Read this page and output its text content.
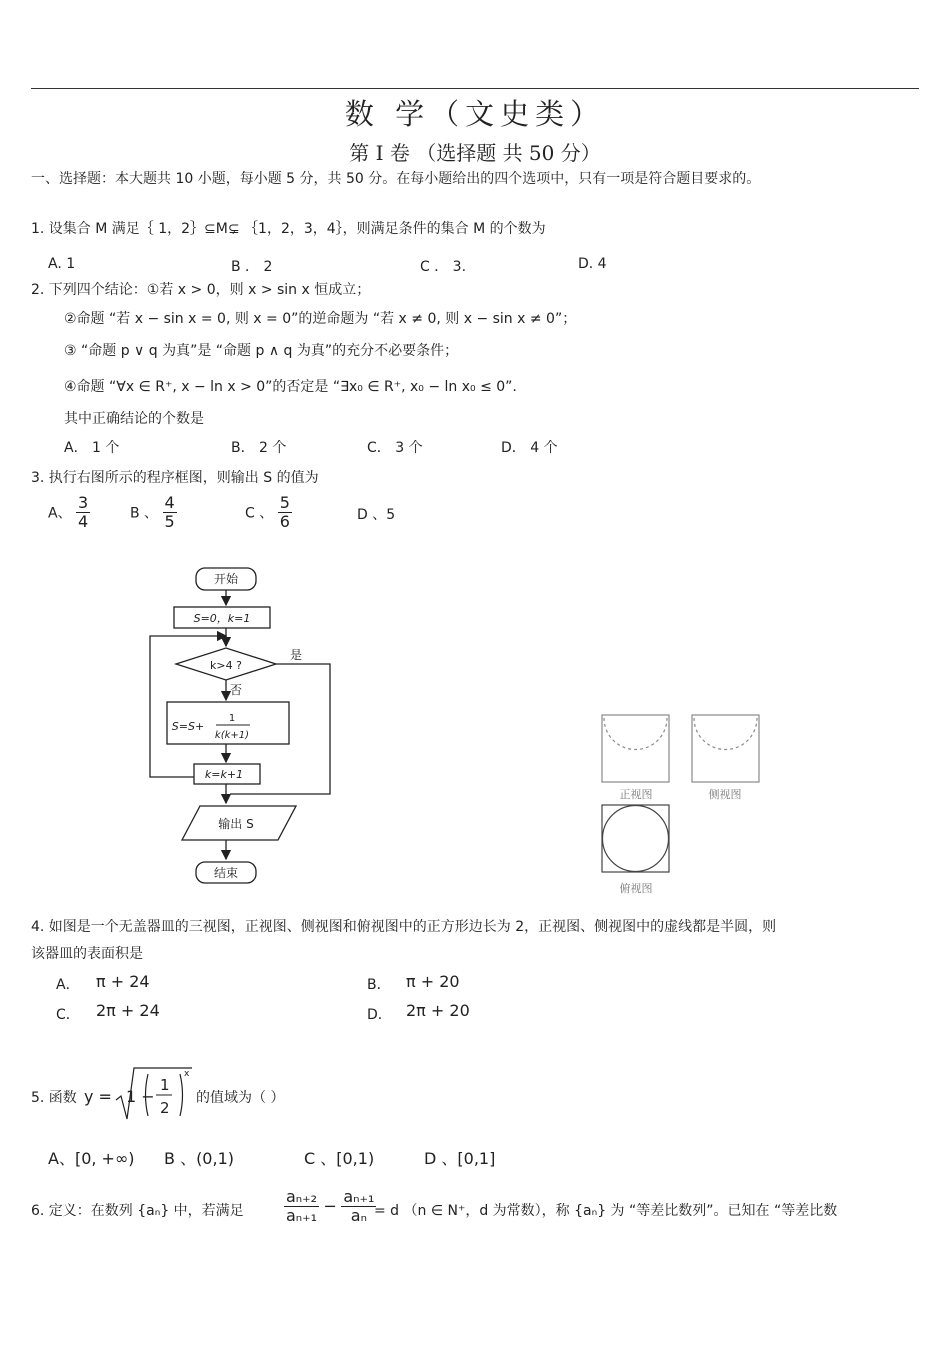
数 学（文史类）
第 I 卷 （选择题 共 50 分）
一、选择题：本大题共 10 小题，每小题 5 分，共 50 分。在每小题给出的四个选项中，只有一项是符合题目要求的。
1. 设集合 M 满足｛ 1，2｝⊆M⊊ ｛1，2，3，4｝，则满足条件的集合 M 的个数为
A. 1	B ． 2	C ． 3.	D. 4
2. 下列四个结论：①若 x > 0，则 x > sin x 恒成立；
②命题 “若 x − sin x = 0, 则 x = 0”的逆命题为 “若 x ≠ 0, 则 x − sin x ≠ 0”；
③ “命题 p ∨ q 为真”是 “命题 p ∧ q 为真”的充分不必要条件；
④命题 “∀x ∈ R⁺, x − ln x > 0”的否定是 “∃x₀ ∈ R⁺, x₀ − ln x₀ ≤ 0”.
其中正确结论的个数是
A． 1 个	B． 2 个	C． 3 个	D． 4 个
3. 执行右图所示的程序框图，则输出 S 的值为
A、 $\frac{3}{4}$	B 、 $\frac{4}{5}$	C 、 $\frac{5}{6}$	D 、5
开始
S=0，k=1
k>4 ?
是
否
S=S+
1
k(k+1)
k=k+1
输出 S
结束
正视图	侧视图
俯视图
4. 如图是一个无盖器皿的三视图，正视图、侧视图和俯视图中的正方形边长为 2，正视图、侧视图中的虚线都是半圆，则
该器皿的表面积是
A． π + 24	B． π + 20
C． 2π + 24	D． 2π + 20
5. 函数 y = 1 −
1
2
x
的值域为（ ）
A、[0, +∞) B 、(0,1)	C 、[0,1)	D 、[0,1]
6. 定义：在数列 {aₙ} 中，若满足	$\frac{\text{aₙ₊₂}}{\text{aₙ₊₁}} - \frac{\text{aₙ₊₁}}{\text{aₙ}}$
= d （n ∈ N⁺，d 为常数），称 {aₙ} 为 “等差比数列”。已知在 “等差比数
